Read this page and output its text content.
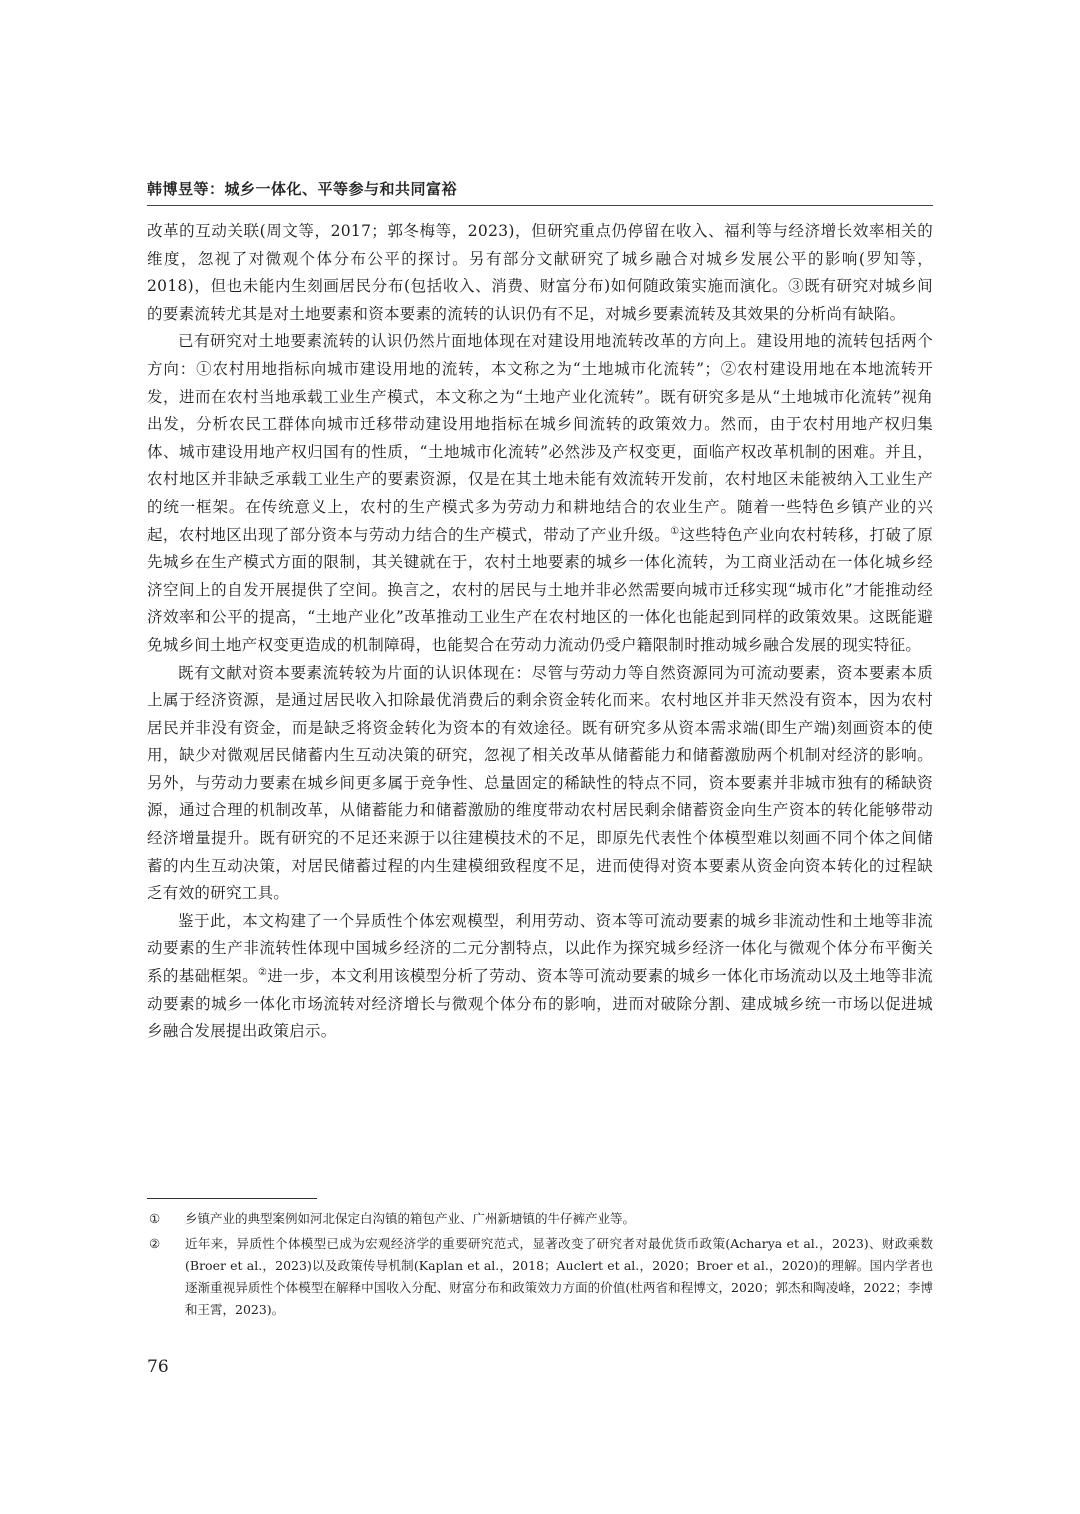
韩博昱等：城乡一体化、平等参与和共同富裕

改革的互动关联(周文等，2017；郭冬梅等，2023)，但研究重点仍停留在收入、福利等与经济增长效率相关的维度，忽视了对微观个体分布公平的探讨。另有部分文献研究了城乡融合对城乡发展公平的影响(罗知等，2018)，但也未能内生刻画居民分布(包括收入、消费、财富分布)如何随政策实施而演化。③既有研究对城乡间的要素流转尤其是对土地要素和资本要素的流转的认识仍有不足，对城乡要素流转及其效果的分析尚有缺陷。

已有研究对土地要素流转的认识仍然片面地体现在对建设用地流转改革的方向上。建设用地的流转包括两个方向：①农村用地指标向城市建设用地的流转，本文称之为“土地城市化流转”；②农村建设用地在本地流转开发，进而在农村当地承载工业生产模式，本文称之为“土地产业化流转”。既有研究多是从“土地城市化流转”视角出发，分析农民工群体向城市迁移带动建设用地指标在城乡间流转的政策效力。然而，由于农村用地产权归集体、城市建设用地产权归国有的性质，“土地城市化流转”必然涉及产权变更，面临产权改革机制的困难。并且，农村地区并非缺乏承载工业生产的要素资源，仅是在其土地未能有效流转开发前，农村地区未能被纳入工业生产的统一框架。在传统意义上，农村的生产模式多为劳动力和耕地结合的农业生产。随着一些特色乡镇产业的兴起，农村地区出现了部分资本与劳动力结合的生产模式，带动了产业升级。①这些特色产业向农村转移，打破了原先城乡在生产模式方面的限制，其关键就在于，农村土地要素的城乡一体化流转，为工商业活动在一体化城乡经济空间上的自发开展提供了空间。换言之，农村的居民与土地并非必然需要向城市迁移实现“城市化”才能推动经济效率和公平的提高，“土地产业化”改革推动工业生产在农村地区的一体化也能起到同样的政策效果。这既能避免城乡间土地产权变更造成的机制障碍，也能契合在劳动力流动仍受户籍限制时推动城乡融合发展的现实特征。

既有文献对资本要素流转较为片面的认识体现在：尽管与劳动力等自然资源同为可流动要素，资本要素本质上属于经济资源，是通过居民收入扣除最优消费后的剩余资金转化而来。农村地区并非天然没有资本，因为农村居民并非没有资金，而是缺乏将资金转化为资本的有效途径。既有研究多从资本需求端(即生产端)刻画资本的使用，缺少对微观居民储蓄内生互动决策的研究，忽视了相关改革从储蓄能力和储蓄激励两个机制对经济的影响。另外，与劳动力要素在城乡间更多属于竞争性、总量固定的稀缺性的特点不同，资本要素并非城市独有的稀缺资源，通过合理的机制改革，从储蓄能力和储蓄激励的维度带动农村居民剩余储蓄资金向生产资本的转化能够带动经济增量提升。既有研究的不足还来源于以往建模技术的不足，即原先代表性个体模型难以刻画不同个体之间储蓄的内生互动决策，对居民储蓄过程的内生建模细致程度不足，进而使得对资本要素从资金向资本转化的过程缺乏有效的研究工具。

鉴于此，本文构建了一个异质性个体宏观模型，利用劳动、资本等可流动要素的城乡非流动性和土地等非流动要素的生产非流转性体现中国城乡经济的二元分割特点，以此作为探究城乡经济一体化与微观个体分布平衡关系的基础框架。②进一步，本文利用该模型分析了劳动、资本等可流动要素的城乡一体化市场流动以及土地等非流动要素的城乡一体化市场流转对经济增长与微观个体分布的影响，进而对破除分割、建成城乡统一市场以促进城乡融合发展提出政策启示。

①	乡镇产业的典型案例如河北保定白沟镇的箱包产业、广州新塘镇的牛仔裤产业等。
②	近年来，异质性个体模型已成为宏观经济学的重要研究范式，显著改变了研究者对最优货币政策(Acharya et al.，2023)、财政乘数(Broer et al.，2023)以及政策传导机制(Kaplan et al.，2018；Auclert et al.，2020；Broer et al.，2020)的理解。国内学者也逐渐重视异质性个体模型在解释中国收入分配、财富分布和政策效力方面的价值(杜两省和程博文，2020；郭杰和陶凌峰，2022；李博和王霄，2023)。
76
